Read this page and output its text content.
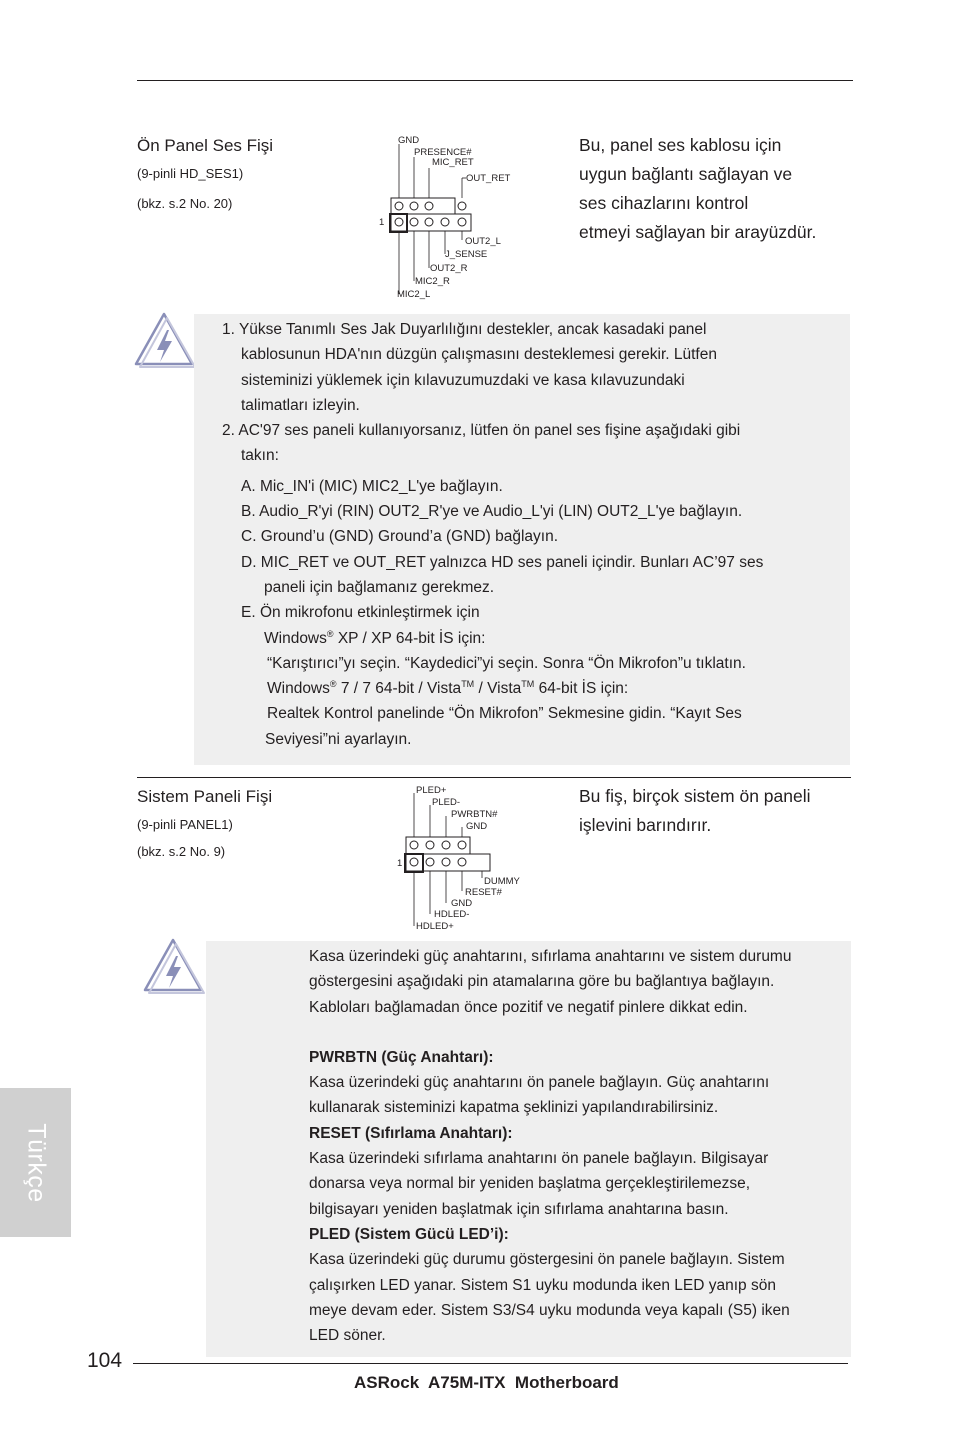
Ön Panel Ses Fişi
(9-pinli HD_SES1)
(bkz. s.2 No. 20)
Bu, panel ses kablosu için
uygun bağlantı sağlayan ve
ses cihazlarını kontrol
etmeyi sağlayan bir arayüzdür.
GND
PRESENCE#
MIC_RET
OUT_RET
1
OUT2_L
J_SENSE
OUT2_R
MIC2_R
MIC2_L
1. Yükse Tanımlı Ses Jak Duyarlılığını destekler, ancak kasadaki panel
kablosunun HDA'nın düzgün çalışmasını desteklemesi gerekir. Lütfen
sisteminizi yüklemek için kılavuzumuzdaki ve kasa kılavuzundaki
talimatları izleyin.
2. AC'97 ses paneli kullanıyorsanız, lütfen ön panel ses fişine aşağıdaki gibi
takın:
A. Mic_IN'i (MIC) MIC2_L'ye bağlayın.
B. Audio_R'yi (RIN) OUT2_R'ye ve Audio_L'yi (LIN) OUT2_L'ye bağlayın.
C. Ground’u (GND) Ground’a (GND) bağlayın.
D. MIC_RET ve OUT_RET yalnızca HD ses paneli içindir. Bunları AC’97 ses
paneli için bağlamanız gerekmez.
E. Ön mikrofonu etkinleştirmek için
Windows® XP / XP 64-bit İS için:
“Karıştırıcı”yı seçin. “Kaydedici”yi seçin. Sonra “Ön Mikrofon”u tıklatın.
Windows® 7 / 7 64-bit / Vista™ / Vista™ 64-bit İS için:
Realtek Kontrol panelinde “Ön Mikrofon” Sekmesine gidin. “Kayıt Ses
Seviyesi”ni ayarlayın.
Sistem Paneli Fişi
(9-pinli PANEL1)
(bkz. s.2 No. 9)
Bu fiş, birçok sistem ön paneli
işlevini barındırır.
PLED+
PLED-
PWRBTN#
GND
1
DUMMY
RESET#
GND
HDLED-
HDLED+
Kasa üzerindeki güç anahtarını, sıfırlama anahtarını ve sistem durumu
göstergesini aşağıdaki pin atamalarına göre bu bağlantıya bağlayın.
Kabloları bağlamadan önce pozitif ve negatif pinlere dikkat edin.
PWRBTN (Güç Anahtarı):
Kasa üzerindeki güç anahtarını ön panele bağlayın. Güç anahtarını
kullanarak sisteminizi kapatma şeklinizi yapılandırabilirsiniz.
RESET (Sıfırlama Anahtarı):
Kasa üzerindeki sıfırlama anahtarını ön panele bağlayın. Bilgisayar
donarsa veya normal bir yeniden başlatma gerçekleştirilemezse,
bilgisayarı yeniden başlatmak için sıfırlama anahtarına basın.
PLED (Sistem Gücü LED’i):
Kasa üzerindeki güç durumu göstergesini ön panele bağlayın. Sistem
çalışırken LED yanar. Sistem S1 uyku modunda iken LED yanıp sön
meye devam eder. Sistem S3/S4 uyku modunda veya kapalı (S5) iken
LED söner.
Türkçe
104
ASRock  A75M-ITX  Motherboard
